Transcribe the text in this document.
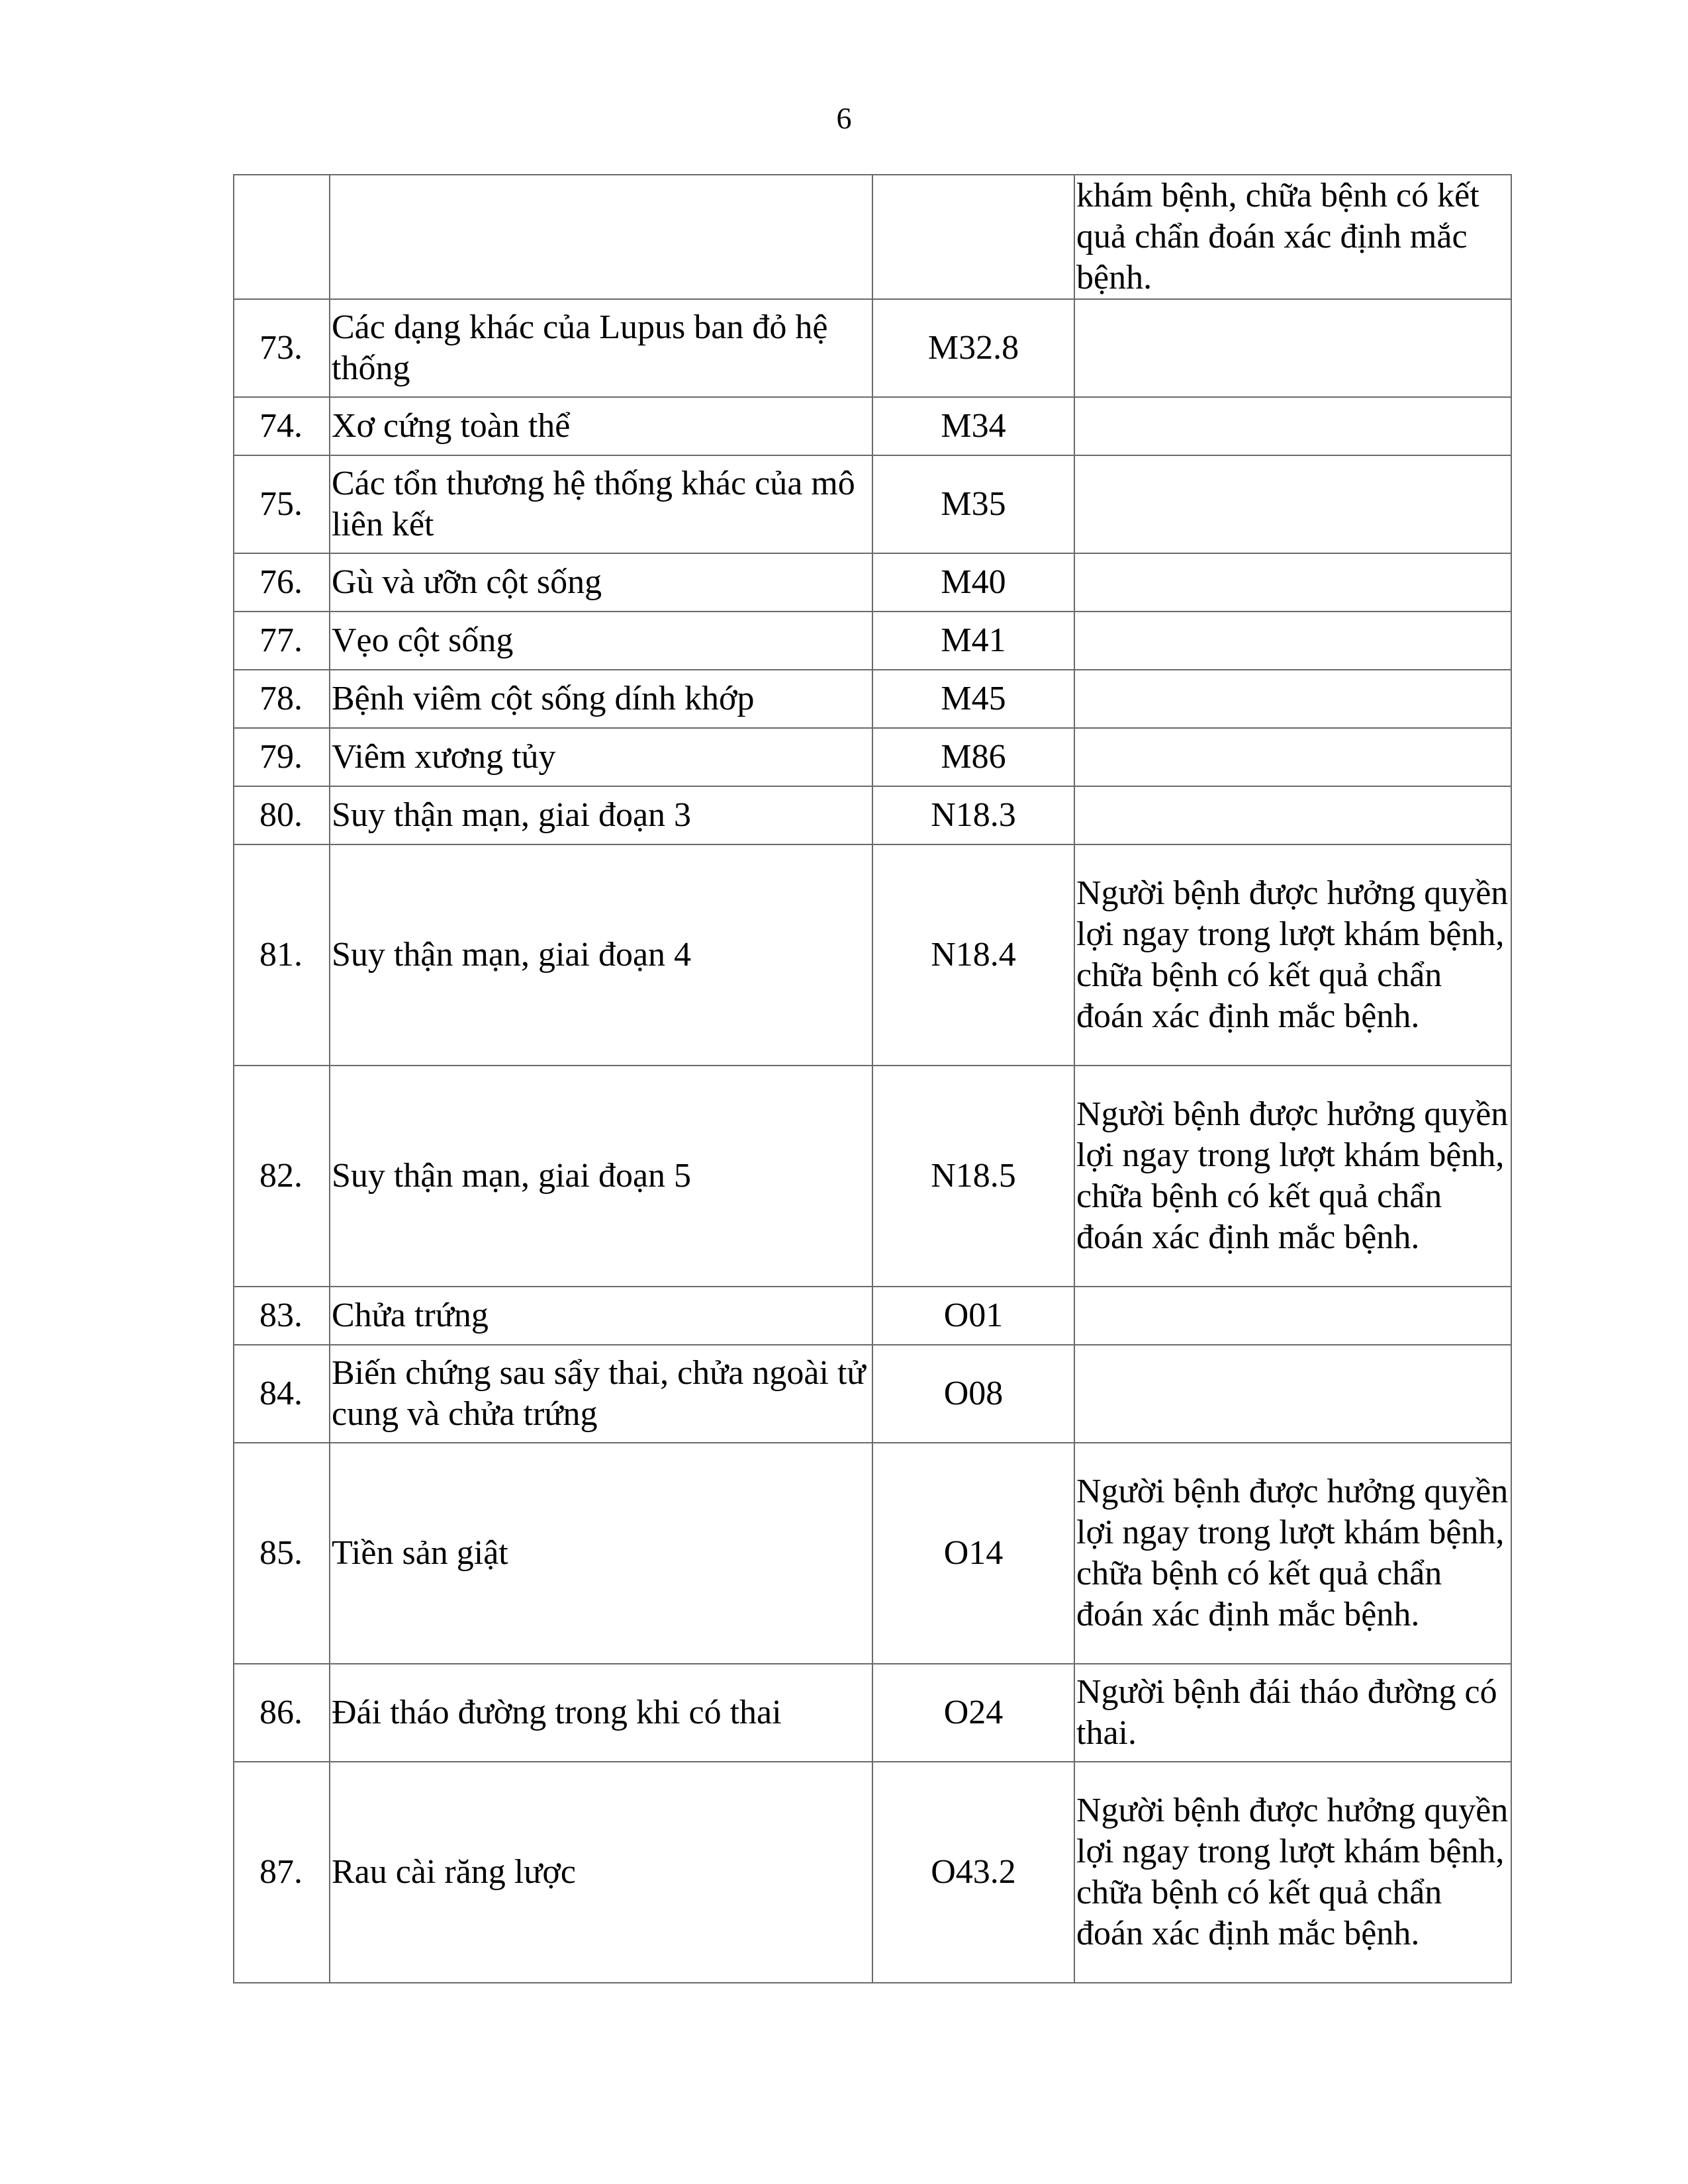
6
			khám bệnh, chữa bệnh có kết quả chẩn đoán xác định mắc bệnh.
73.	Các dạng khác của Lupus ban đỏ hệ thống	M32.8	
74.	Xơ cứng toàn thể	M34	
75.	Các tổn thương hệ thống khác của mô liên kết	M35	
76.	Gù và ưỡn cột sống	M40	
77.	Vẹo cột sống	M41	
78.	Bệnh viêm cột sống dính khớp	M45	
79.	Viêm xương tủy	M86	
80.	Suy thận mạn, giai đoạn 3	N18.3	
81.	Suy thận mạn, giai đoạn 4	N18.4	Người bệnh được hưởng quyền lợi ngay trong lượt khám bệnh, chữa bệnh có kết quả chẩn đoán xác định mắc bệnh.
82.	Suy thận mạn, giai đoạn 5	N18.5	Người bệnh được hưởng quyền lợi ngay trong lượt khám bệnh, chữa bệnh có kết quả chẩn đoán xác định mắc bệnh.
83.	Chửa trứng	O01	
84.	Biến chứng sau sẩy thai, chửa ngoài tử cung và chửa trứng	O08	
85.	Tiền sản giật	O14	Người bệnh được hưởng quyền lợi ngay trong lượt khám bệnh, chữa bệnh có kết quả chẩn đoán xác định mắc bệnh.
86.	Đái tháo đường trong khi có thai	O24	Người bệnh đái tháo đường có thai.
87.	Rau cài răng lược	O43.2	Người bệnh được hưởng quyền lợi ngay trong lượt khám bệnh, chữa bệnh có kết quả chẩn đoán xác định mắc bệnh.
